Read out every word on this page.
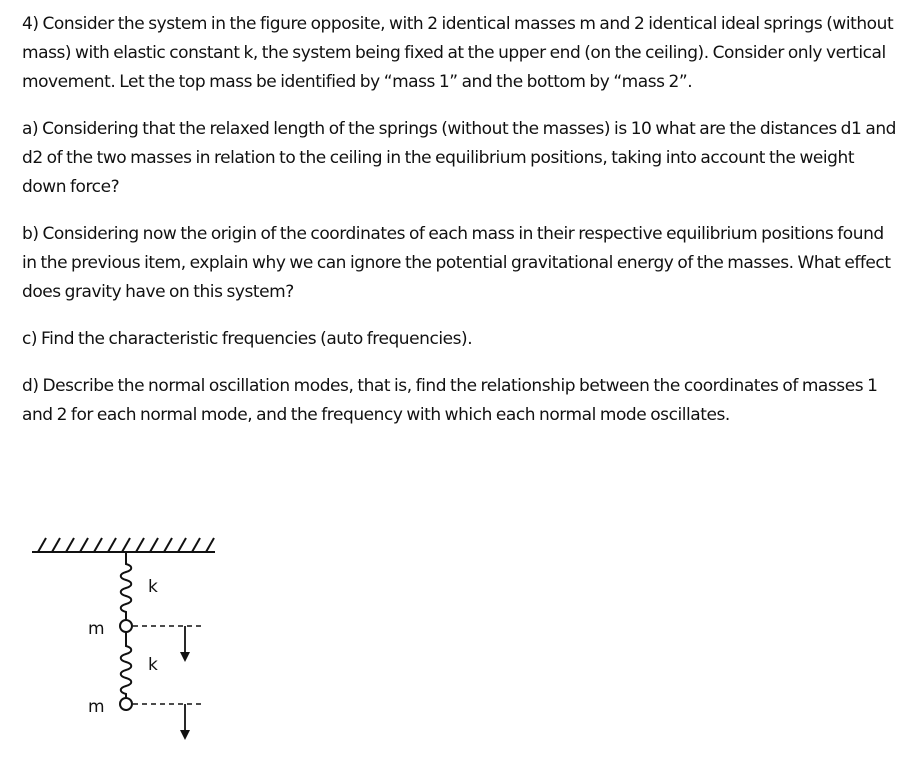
4) Consider the system in the figure opposite, with 2 identical masses m and 2 identical ideal springs (without mass) with elastic constant k, the system being fixed at the upper end (on the ceiling). Consider only vertical movement. Let the top mass be identified by “mass 1” and the bottom by “mass 2”.

a) Considering that the relaxed length of the springs (without the masses) is 10 what are the distances d1 and d2 of the two masses in relation to the ceiling in the equilibrium positions, taking into account the weight down force?

b) Considering now the origin of the coordinates of each mass in their respective equilibrium positions found in the previous item, explain why we can ignore the potential gravitational energy of the masses. What effect does gravity have on this system?

c) Find the characteristic frequencies (auto frequencies).

d) Describe the normal oscillation modes, that is, find the relationship between the coordinates of masses 1 and 2 for each normal mode, and the frequency with which each normal mode oscillates.

k
m
k
m
